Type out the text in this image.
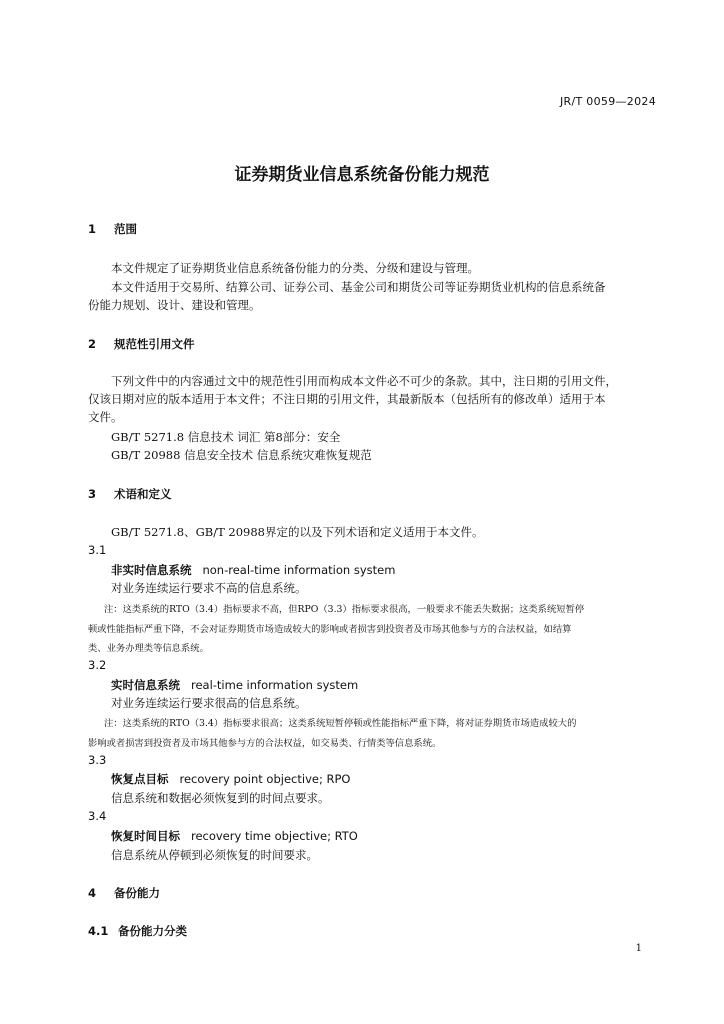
JR/T 0059—2024
证券期货业信息系统备份能力规范
1 范围
本文件规定了证券期货业信息系统备份能力的分类、分级和建设与管理。
本文件适用于交易所、结算公司、证券公司、基金公司和期货公司等证券期货业机构的信息系统备
份能力规划、设计、建设和管理。
2 规范性引用文件
下列文件中的内容通过文中的规范性引用而构成本文件必不可少的条款。其中，注日期的引用文件，
仅该日期对应的版本适用于本文件；不注日期的引用文件，其最新版本（包括所有的修改单）适用于本
文件。
GB/T 5271.8 信息技术 词汇 第8部分：安全
GB/T 20988 信息安全技术 信息系统灾难恢复规范
3 术语和定义
GB/T 5271.8、GB/T 20988界定的以及下列术语和定义适用于本文件。
3.1
非实时信息系统 non-real-time information system
对业务连续运行要求不高的信息系统。
注：这类系统的RTO（3.4）指标要求不高，但RPO（3.3）指标要求很高，一般要求不能丢失数据；这类系统短暂停
顿或性能指标严重下降，不会对证券期货市场造成较大的影响或者损害到投资者及市场其他参与方的合法权益，如结算
类、业务办理类等信息系统。
3.2
实时信息系统 real-time information system
对业务连续运行要求很高的信息系统。
注：这类系统的RTO（3.4）指标要求很高；这类系统短暂停顿或性能指标严重下降，将对证券期货市场造成较大的
影响或者损害到投资者及市场其他参与方的合法权益，如交易类、行情类等信息系统。
3.3
恢复点目标 recovery point objective; RPO
信息系统和数据必须恢复到的时间点要求。
3.4
恢复时间目标 recovery time objective; RTO
信息系统从停顿到必须恢复的时间要求。
4 备份能力
4.1 备份能力分类
1
